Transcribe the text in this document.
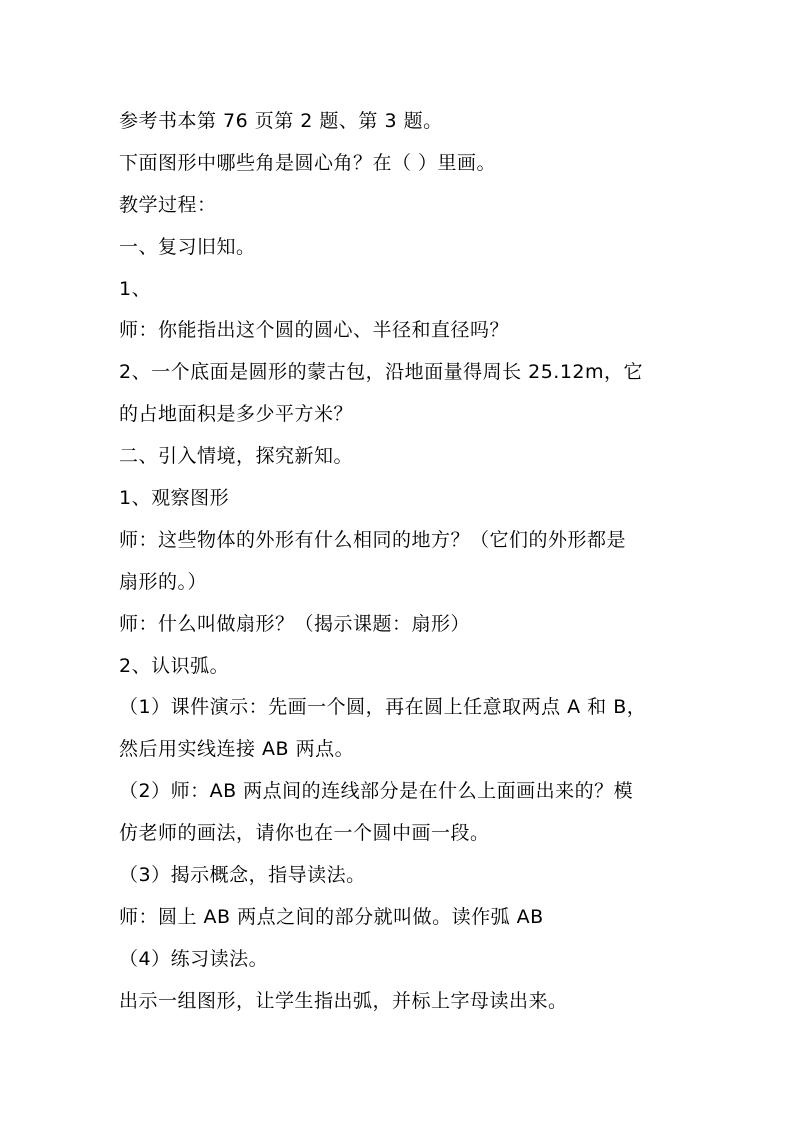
参考书本第 76 页第 2 题、第 3 题。
下面图形中哪些角是圆心角？在（ ）里画。
教学过程：
一、复习旧知。
1、
师：你能指出这个圆的圆心、半径和直径吗？
2、一个底面是圆形的蒙古包，沿地面量得周长 25.12m，它
的占地面积是多少平方米？
二、引入情境，探究新知。
1、观察图形
师：这些物体的外形有什么相同的地方？（它们的外形都是
扇形的。）
师：什么叫做扇形？（揭示课题：扇形）
2、认识弧。
（1）课件演示：先画一个圆，再在圆上任意取两点 A 和 B，
然后用实线连接 AB 两点。
（2）师：AB 两点间的连线部分是在什么上面画出来的？模
仿老师的画法，请你也在一个圆中画一段。
（3）揭示概念，指导读法。
师：圆上 AB 两点之间的部分就叫做。读作弧 AB
（4）练习读法。
出示一组图形，让学生指出弧，并标上字母读出来。
